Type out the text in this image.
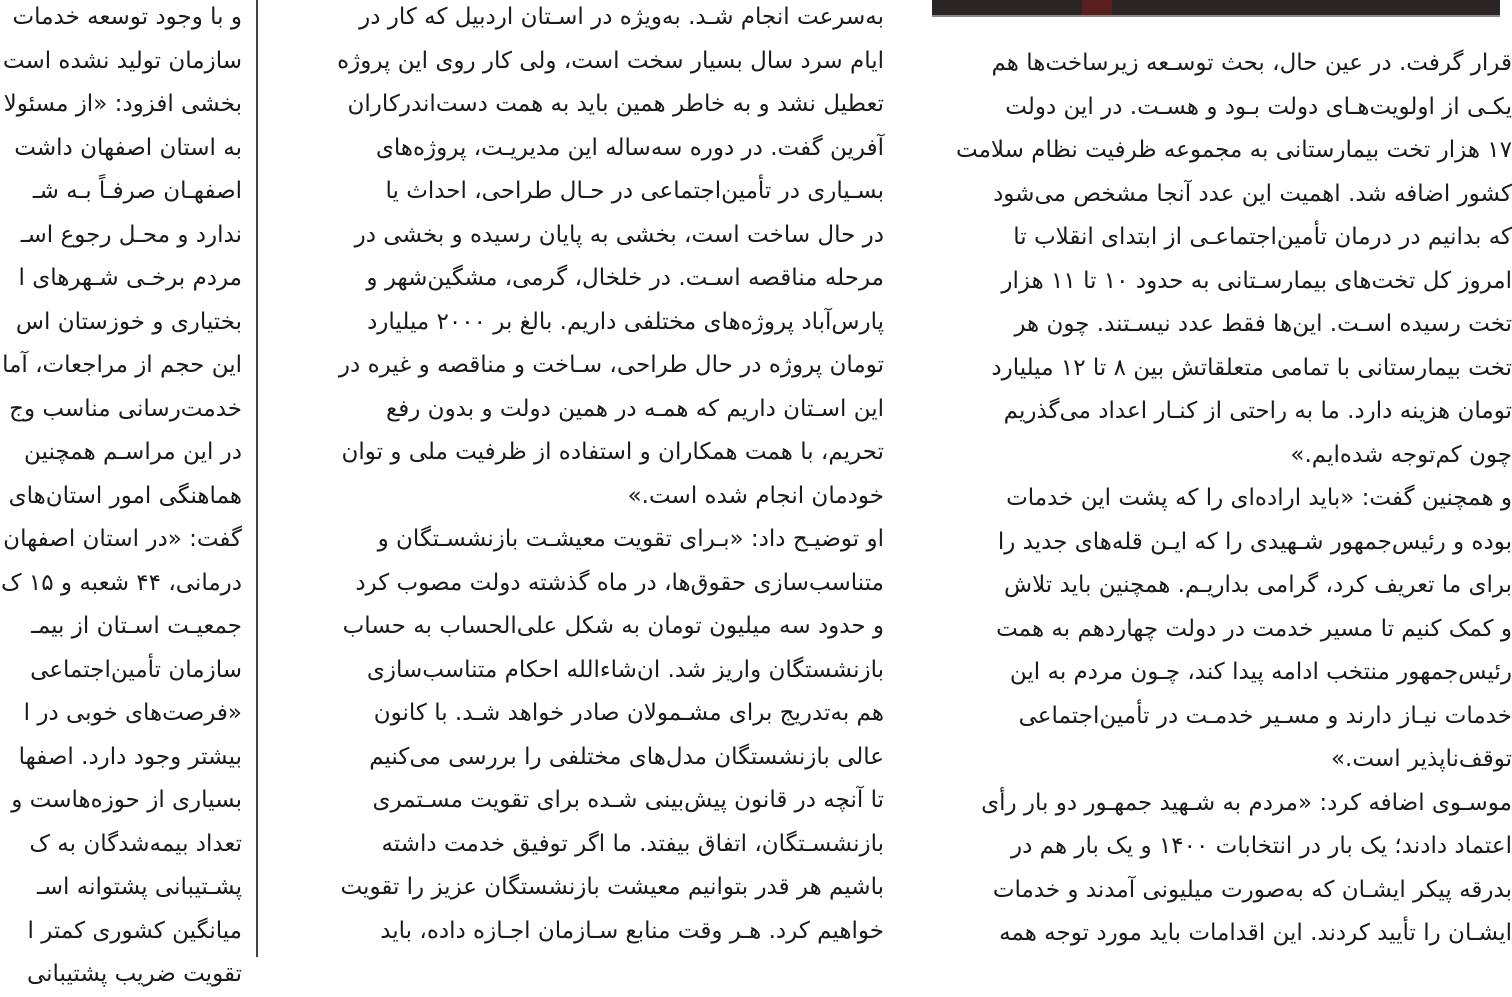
و با وجود توسعه خدمات
سازمان تولید نشده است
بخشی افزود: «از مسئولا
به استان اصفهان داشت
اصفهـان صرفـاً بـه شـ
ندارد و محـل رجوع اسـ
مردم برخـی شـهرهای ا
بختیاری و خوزستان اس
این حجم از مراجعات، آما
خدمت‌رسانی مناسب وج
در این مراسـم همچنین
هماهنگی امور استان‌های
گفت: «در استان اصفهان
درمانی، ۴۴ شعبه و ۱۵ ک
جمعیـت اسـتان از بیمـ
سازمان تأمین‌اجتماعی
«فرصت‌های خوبی در ا
بیشتر وجود دارد. اصفها
بسیاری از حوزه‌هاست و
تعداد بیمه‌شدگان به ک
پشـتیبانی پشتوانه اسـ
میانگین کشوری کمتر ا
تقویت ضریب پشتیبانی
به‌سرعت انجام شـد. به‌ویژه در اسـتان اردبیل که کار در
ایام سرد سال بسیار سخت است، ولی کار روی این پروژه
تعطیل نشد و به خاطر همین باید به همت دست‌اندرکاران
آفرین گفت. در دوره سه‌ساله این مدیریـت، پروژه‌های
بسـیاری در تأمین‌اجتماعی در حـال طراحی، احداث یا
در حال ساخت است، بخشی به پایان رسیده و بخشی در
مرحله مناقصه اسـت. در خلخال، گرمی، مشگین‌شهر و
پارس‌آباد پروژه‌های مختلفی داریم. بالغ بر ۲۰۰۰ میلیارد
تومان پروژه در حال طراحی، سـاخت و مناقصه و غیره در
این اسـتان داریم که همـه در همین دولت و بدون رفع
تحریم، با همت همکاران و استفاده از ظرفیت ملی و توان
خودمان انجام شده است.»
او توضیـح داد: «بـرای تقویت معیشـت بازنشسـتگان و
متناسب‌سازی حقوق‌ها، در ماه گذشته دولت مصوب کرد
و حدود سه میلیون تومان به شکل علی‌الحساب به حساب
بازنشستگان واریز شد. ان‌شاءالله احکام متناسب‌سازی
هم به‌تدریج برای مشـمولان صادر خواهد شـد. با کانون
عالی بازنشستگان مدل‌های مختلفی را بررسی می‌کنیم
تا آنچه در قانون پیش‌بینی شـده برای تقویت مسـتمری
بازنشسـتگان، اتفاق بیفتد. ما اگر توفیق خدمت داشته
باشیم هر قدر بتوانیم معیشت بازنشستگان عزیز را تقویت
خواهیم کرد. هـر وقت منابع سـازمان اجـازه داده، باید
قرار گرفت. در عین حال، بحث توسـعه زیرساخت‌ها هم
یکـی از اولویت‌هـای دولت بـود و هسـت. در این دولت
۱۷ هزار تخت بیمارستانی به مجموعه ظرفیت نظام سلامت
کشور اضافه شد. اهمیت این عدد آنجا مشخص می‌شود
که بدانیم در درمان تأمین‌اجتماعـی از ابتدای انقلاب تا
امروز کل تخت‌های بیمارسـتانی به حدود ۱۰ تا ۱۱ هزار
تخت رسیده اسـت. این‌ها فقط عدد نیسـتند. چون هر
تخت بیمارستانی با تمامی متعلقاتش بین ۸ تا ۱۲ میلیارد
تومان هزینه دارد. ما به راحتی از کنـار اعداد می‌گذریم
چون کم‌توجه شده‌ایم.»
و همچنین گفت: «باید اراده‌ای را که پشت این خدمات
بوده و رئیس‌جمهور شـهیدی را که ایـن قله‌های جدید را
برای ما تعریف کرد، گرامی بداریـم. همچنین باید تلاش
و کمک کنیم تا مسیر خدمت در دولت چهاردهم به همت
رئیس‌جمهور منتخب ادامه پیدا کند، چـون مردم به این
خدمات نیـاز دارند و مسـیر خدمـت در تأمین‌اجتماعی
توقف‌ناپذیر است.»
موسـوی اضافه کرد: «مردم به شـهید جمهـور دو بار رأی
اعتماد دادند؛ یک بار در انتخابات ۱۴۰۰ و یک بار هم در
بدرقه پیکر ایشـان که به‌صورت میلیونی آمدند و خدمات
ایشـان را تأیید کردند. این اقدامات باید مورد توجه همه
